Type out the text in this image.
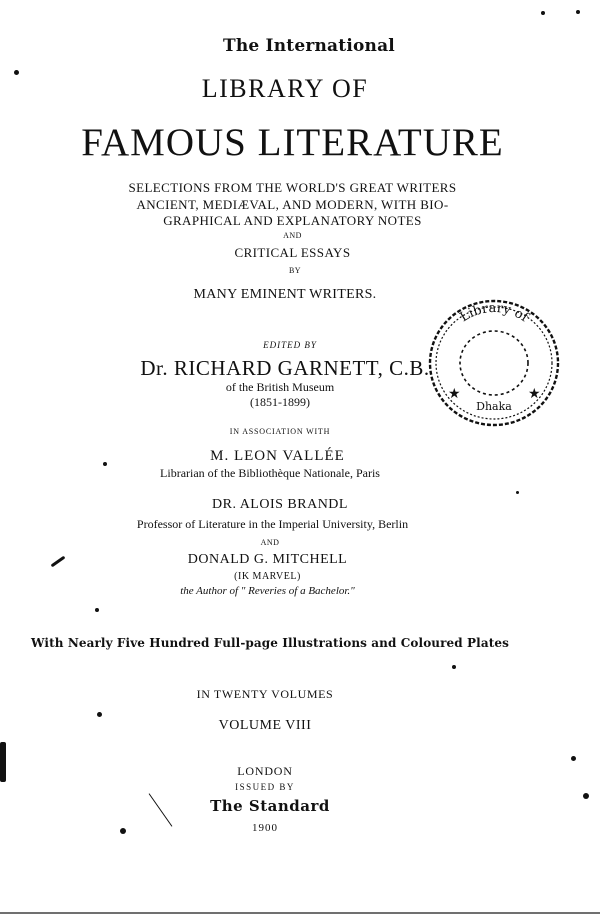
The International
LIBRARY OF
FAMOUS LITERATURE
SELECTIONS FROM THE WORLD'S GREAT WRITERS
ANCIENT, MEDIÆVAL, AND MODERN, WITH BIO-
GRAPHICAL AND EXPLANATORY NOTES
AND
CRITICAL ESSAYS
BY
MANY EMINENT WRITERS.
EDITED BY
Dr. RICHARD GARNETT, C.B.
of the British Museum
(1851-1899)
IN ASSOCIATION WITH
M. LEON VALLÉE
Librarian of the Bibliothèque Nationale, Paris
DR. ALOIS BRANDL
Professor of Literature in the Imperial University, Berlin
AND
DONALD G. MITCHELL
(IK MARVEL)
the Author of " Reveries of a Bachelor."
With Nearly Five Hundred Full-page Illustrations and Coloured Plates
IN TWENTY VOLUMES
VOLUME VIII
LONDON
ISSUED BY
The Standard
1900
Library of
Dhaka
★	★
